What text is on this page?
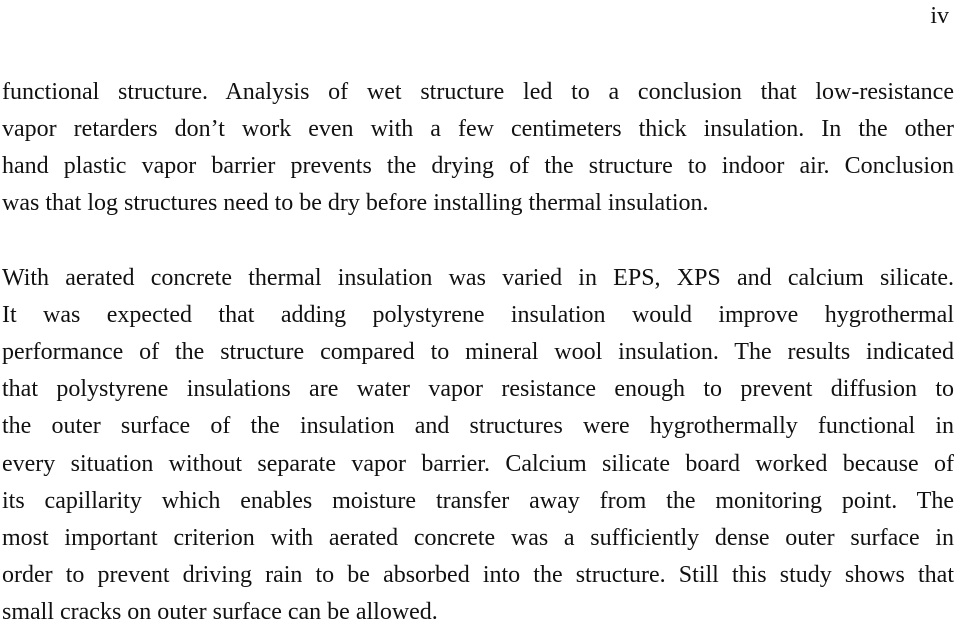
iv
functional structure. Analysis of wet structure led to a conclusion that low-resistance
vapor retarders don’t work even with a few centimeters thick insulation. In the other
hand plastic vapor barrier prevents the drying of the structure to indoor air. Conclusion
was that log structures need to be dry before installing thermal insulation.
With aerated concrete thermal insulation was varied in EPS, XPS and calcium silicate.
It was expected that adding polystyrene insulation would improve hygrothermal
performance of the structure compared to mineral wool insulation. The results indicated
that polystyrene insulations are water vapor resistance enough to prevent diffusion to
the outer surface of the insulation and structures were hygrothermally functional in
every situation without separate vapor barrier. Calcium silicate board worked because of
its capillarity which enables moisture transfer away from the monitoring point. The
most important criterion with aerated concrete was a sufficiently dense outer surface in
order to prevent driving rain to be absorbed into the structure. Still this study shows that
small cracks on outer surface can be allowed.
